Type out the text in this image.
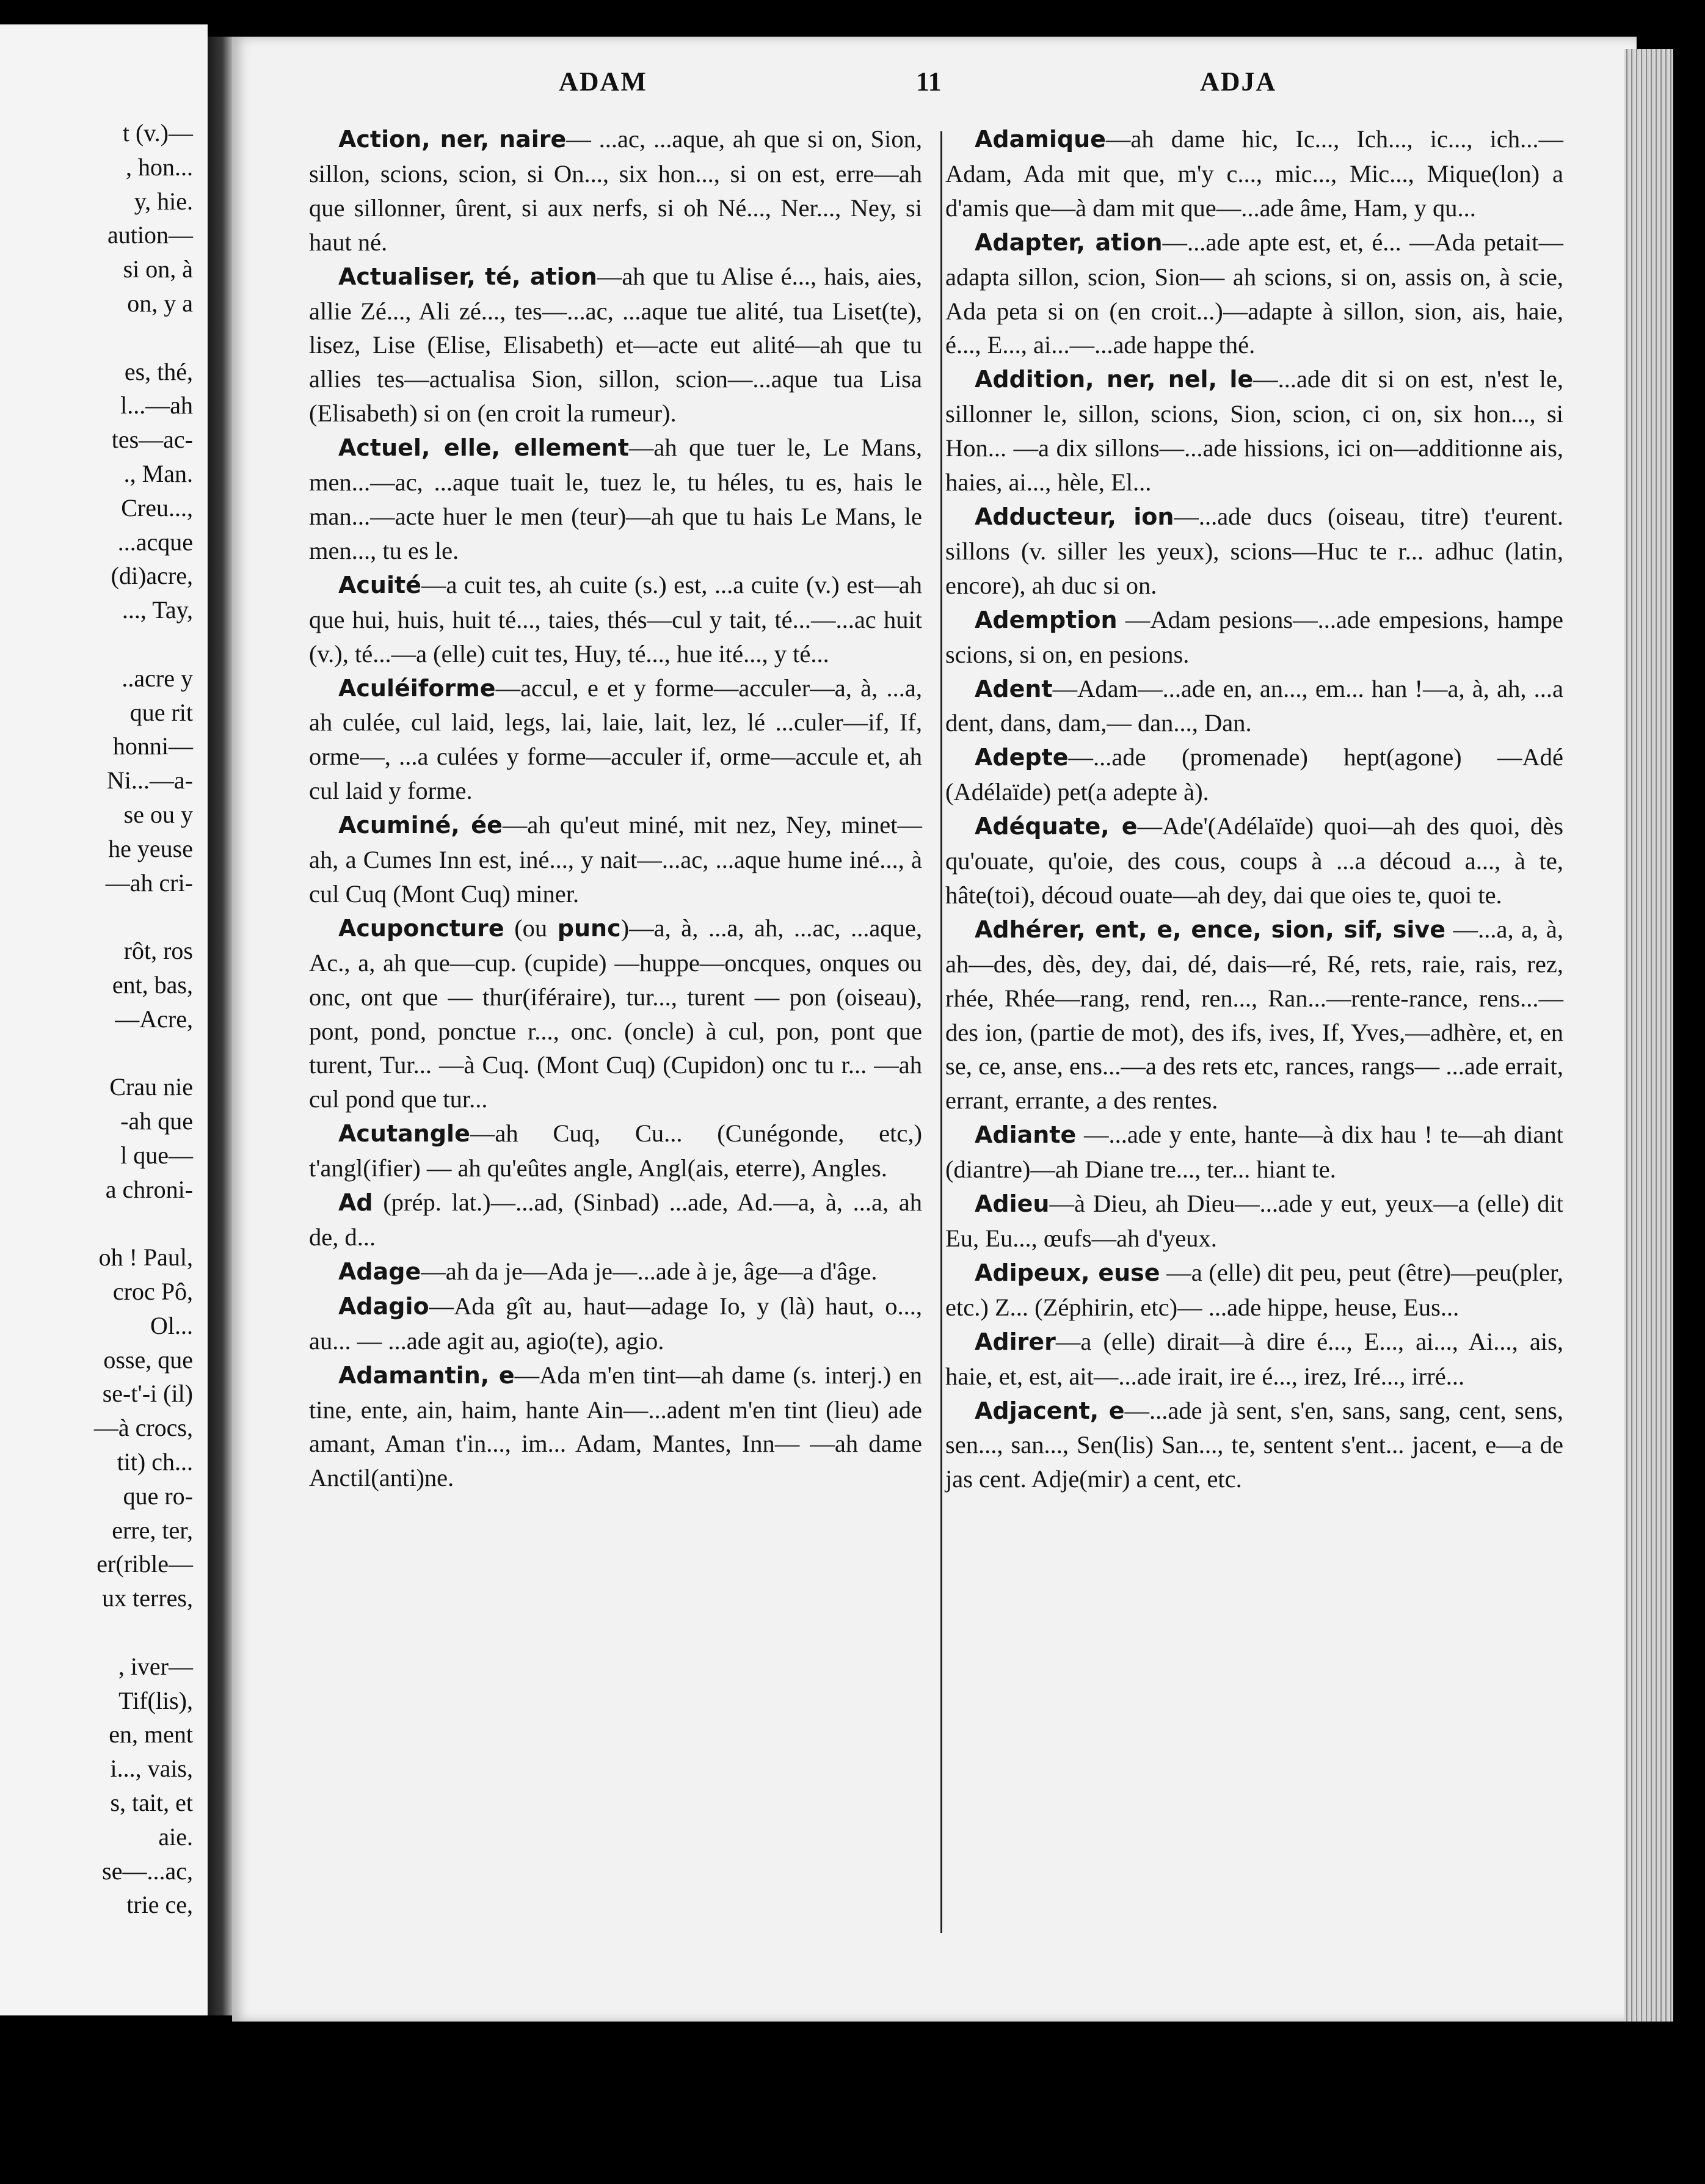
t (v.)—
, hon...
y, hie.
aution—
si on, à
on, y a

es, thé,
l...—ah
tes—ac-
., Man.
Creu...,
...acque
(di)acre,
..., Tay,

..acre y
que rit
honni—
Ni...—a-
se ou y
he yeuse
—ah cri-

rôt, ros
ent, bas,
—Acre,

Crau nie
-ah que
l que—
a chroni-

oh ! Paul,
croc Pô,
Ol...
osse, que
se-t'-i (il)
—à crocs,
tit) ch...
que ro-
erre, ter,
er(rible—
ux terres,

, iver—
Tif(lis),
en, ment
i..., vais,
s, tait, et
aie.
se—...ac,
trie ce,
ADAM	11	ADJA

Action, ner, naire— ...ac, ...aque, ah que si on, Sion, sillon, scions, scion, si On..., six hon..., si on est, erre—ah que sillonner, ûrent, si aux nerfs, si oh Né..., Ner..., Ney, si haut né.

Actualiser, té, ation—ah que tu Alise é..., hais, aies, allie Zé..., Ali zé..., tes—...ac, ...aque tue alité, tua Liset(te), lisez, Lise (Elise, Elisabeth) et—acte eut alité—ah que tu allies tes—actualisa Sion, sillon, scion—...aque tua Lisa (Elisabeth) si on (en croit la rumeur).

Actuel, elle, ellement—ah que tuer le, Le Mans, men...—ac, ...aque tuait le, tuez le, tu héles, tu es, hais le man...—acte huer le men (teur)—ah que tu hais Le Mans, le men..., tu es le.

Acuité—a cuit tes, ah cuite (s.) est, ...a cuite (v.) est—ah que hui, huis, huit té..., taies, thés—cul y tait, té...—...ac huit (v.), té...—a (elle) cuit tes, Huy, té..., hue ité..., y té...

Aculéiforme—accul, e et y forme—acculer—a, à, ...a, ah culée, cul laid, legs, lai, laie, lait, lez, lé ...culer—if, If, orme—, ...a culées y forme—acculer if, orme—accule et, ah cul laid y forme.

Acuminé, ée—ah qu'eut miné, mit nez, Ney, minet—ah, a Cumes Inn est, iné..., y nait—...ac, ...aque hume iné..., à cul Cuq (Mont Cuq) miner.

Acuponcture (ou punc)—a, à, ...a, ah, ...ac, ...aque, Ac., a, ah que—cup. (cupide) —huppe—oncques, onques ou onc, ont que — thur(iféraire), tur..., turent — pon (oiseau), pont, pond, ponctue r..., onc. (oncle) à cul, pon, pont que turent, Tur... —à Cuq. (Mont Cuq) (Cupidon) onc tu r... —ah cul pond que tur...

Acutangle—ah Cuq, Cu... (Cunégonde, etc,) t'angl(ifier) — ah qu'eûtes angle, Angl(ais, eterre), Angles.

Ad (prép. lat.)—...ad, (Sinbad) ...ade, Ad.—a, à, ...a, ah de, d...

Adage—ah da je—Ada je—...ade à je, âge—a d'âge.

Adagio—Ada gît au, haut—adage Io, y (là) haut, o..., au... — ...ade agit au, agio(te), agio.

Adamantin, e—Ada m'en tint—ah dame (s. interj.) en tine, ente, ain, haim, hante Ain—...adent m'en tint (lieu) ade amant, Aman t'in..., im... Adam, Mantes, Inn— —ah dame Anctil(anti)ne.

Adamique—ah dame hic, Ic..., Ich..., ic..., ich...—Adam, Ada mit que, m'y c..., mic..., Mic..., Mique(lon) a d'amis que—à dam mit que—...ade âme, Ham, y qu...

Adapter, ation—...ade apte est, et, é... —Ada petait—adapta sillon, scion, Sion— ah scions, si on, assis on, à scie, Ada peta si on (en croit...)—adapte à sillon, sion, ais, haie, é..., E..., ai...—...ade happe thé.

Addition, ner, nel, le—...ade dit si on est, n'est le, sillonner le, sillon, scions, Sion, scion, ci on, six hon..., si Hon... —a dix sillons—...ade hissions, ici on—additionne ais, haies, ai..., hèle, El...

Adducteur, ion—...ade ducs (oiseau, titre) t'eurent. sillons (v. siller les yeux), scions—Huc te r... adhuc (latin, encore), ah duc si on.

Ademption —Adam pesions—...ade empesions, hampe scions, si on, en pesions.

Adent—Adam—...ade en, an..., em... han !—a, à, ah, ...a dent, dans, dam,— dan..., Dan.

Adepte—...ade (promenade) hept(agone) —Adé (Adélaïde) pet(a adepte à).

Adéquate, e—Ade'(Adélaïde) quoi—ah des quoi, dès qu'ouate, qu'oie, des cous, coups à ...a découd a..., à te, hâte(toi), découd ouate—ah dey, dai que oies te, quoi te.

Adhérer, ent, e, ence, sion, sif, sive —...a, a, à, ah—des, dès, dey, dai, dé, dais—ré, Ré, rets, raie, rais, rez, rhée, Rhée—rang, rend, ren..., Ran...—rente-rance, rens...—des ion, (partie de mot), des ifs, ives, If, Yves,—adhère, et, en se, ce, anse, ens...—a des rets etc, rances, rangs— ...ade errait, errant, errante, a des rentes.

Adiante —...ade y ente, hante—à dix hau ! te—ah diant (diantre)—ah Diane tre..., ter... hiant te.

Adieu—à Dieu, ah Dieu—...ade y eut, yeux—a (elle) dit Eu, Eu..., œufs—ah d'yeux.

Adipeux, euse —a (elle) dit peu, peut (être)—peu(pler, etc.) Z... (Zéphirin, etc)— ...ade hippe, heuse, Eus...

Adirer—a (elle) dirait—à dire é..., E..., ai..., Ai..., ais, haie, et, est, ait—...ade irait, ire é..., irez, Iré..., irré...

Adjacent, e—...ade jà sent, s'en, sans, sang, cent, sens, sen..., san..., Sen(lis) San..., te, sentent s'ent... jacent, e—a de jas cent. Adje(mir) a cent, etc.
